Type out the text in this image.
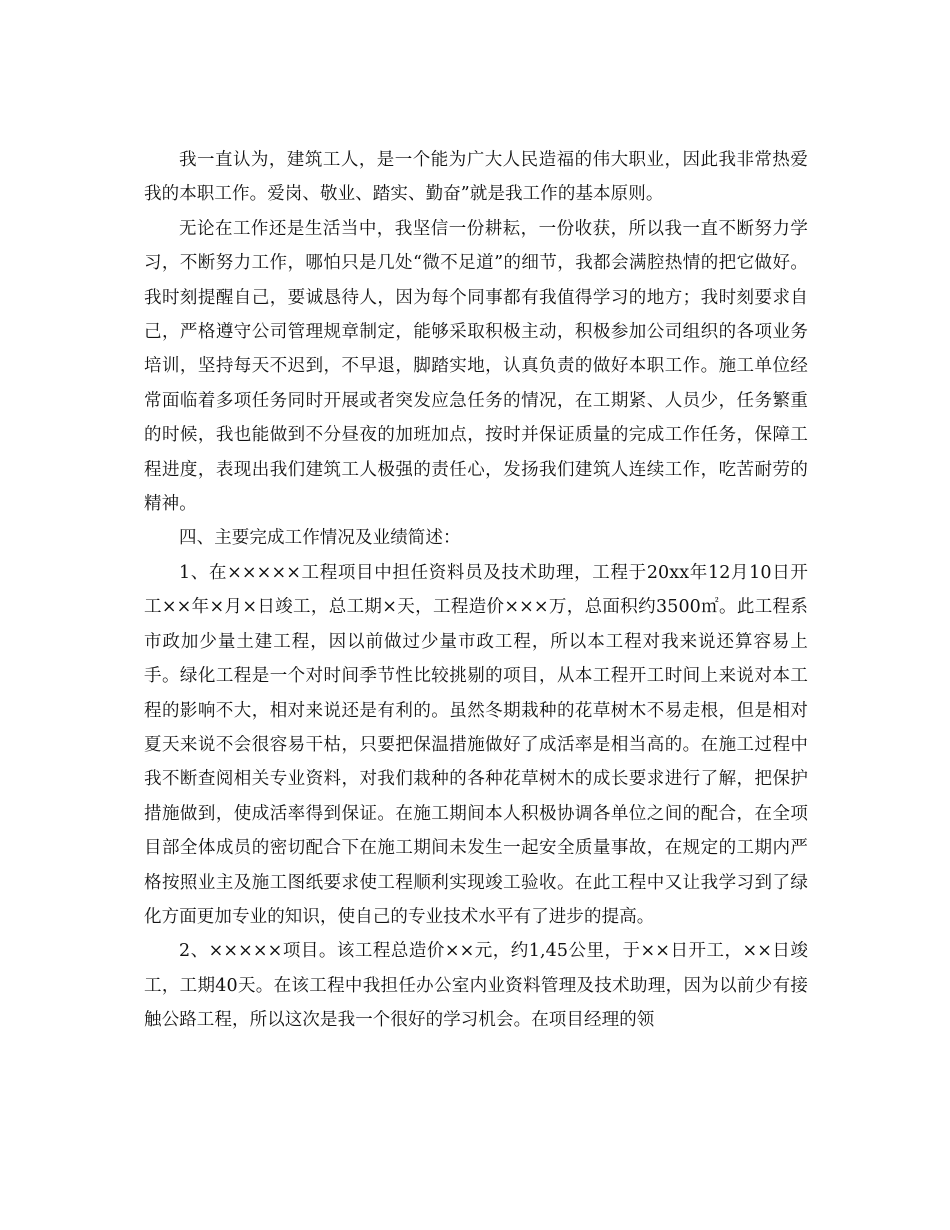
我一直认为，建筑工人，是一个能为广大人民造福的伟大职业，因此我非常热爱我的本职工作。爱岗、敬业、踏实、勤奋”就是我工作的基本原则。

无论在工作还是生活当中，我坚信一份耕耘，一份收获，所以我一直不断努力学习，不断努力工作，哪怕只是几处“微不足道”的细节，我都会满腔热情的把它做好。我时刻提醒自己，要诚恳待人，因为每个同事都有我值得学习的地方；我时刻要求自己，严格遵守公司管理规章制定，能够采取积极主动，积极参加公司组织的各项业务培训，坚持每天不迟到，不早退，脚踏实地，认真负责的做好本职工作。施工单位经常面临着多项任务同时开展或者突发应急任务的情况，在工期紧、人员少，任务繁重的时候，我也能做到不分昼夜的加班加点，按时并保证质量的完成工作任务，保障工程进度，表现出我们建筑工人极强的责任心，发扬我们建筑人连续工作，吃苦耐劳的精神。

四、主要完成工作情况及业绩简述：

1、在×××××工程项目中担任资料员及技术助理，工程于20xx年12月10日开工××年×月×日竣工，总工期×天，工程造价×××万，总面积约3500㎡。此工程系市政加少量土建工程，因以前做过少量市政工程，所以本工程对我来说还算容易上手。绿化工程是一个对时间季节性比较挑剔的项目，从本工程开工时间上来说对本工程的影响不大，相对来说还是有利的。虽然冬期栽种的花草树木不易走根，但是相对夏天来说不会很容易干枯，只要把保温措施做好了成活率是相当高的。在施工过程中我不断查阅相关专业资料，对我们栽种的各种花草树木的成长要求进行了解，把保护措施做到，使成活率得到保证。在施工期间本人积极协调各单位之间的配合，在全项目部全体成员的密切配合下在施工期间未发生一起安全质量事故，在规定的工期内严格按照业主及施工图纸要求使工程顺利实现竣工验收。在此工程中又让我学习到了绿化方面更加专业的知识，使自己的专业技术水平有了进步的提高。

2、×××××项目。该工程总造价××元，约1,45公里，于××日开工，××日竣工，工期40天。在该工程中我担任办公室内业资料管理及技术助理，因为以前少有接触公路工程，所以这次是我一个很好的学习机会。在项目经理的领
